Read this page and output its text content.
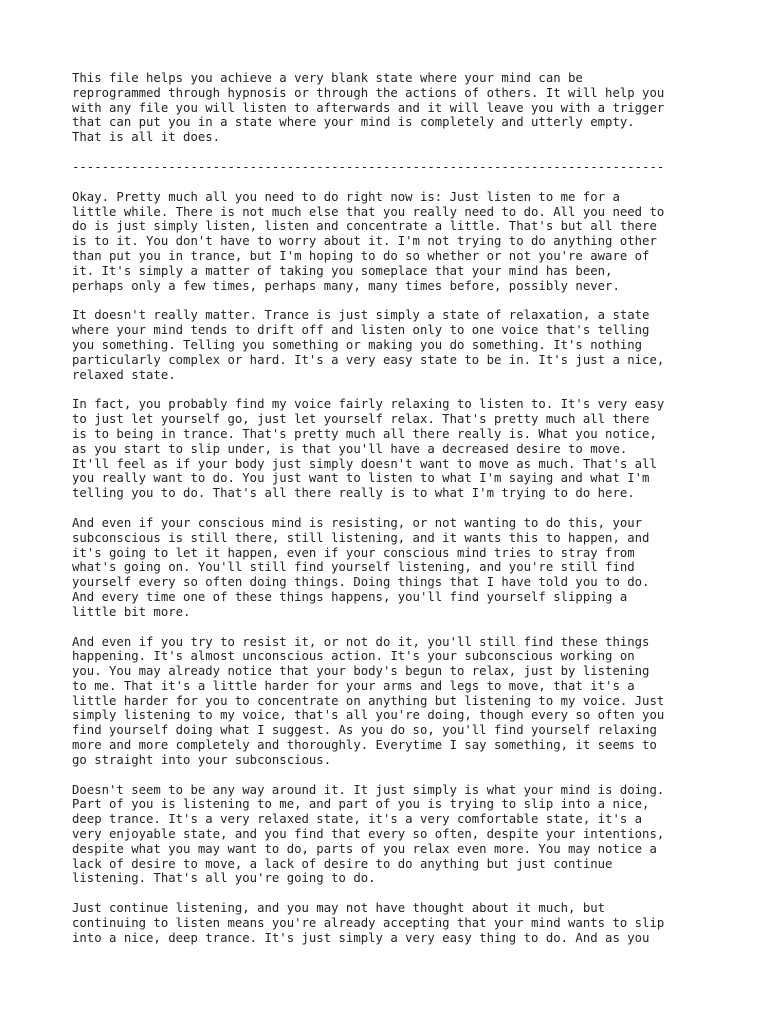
This file helps you achieve a very blank state where your mind can be
reprogrammed through hypnosis or through the actions of others. It will help you
with any file you will listen to afterwards and it will leave you with a trigger
that can put you in a state where your mind is completely and utterly empty.
That is all it does.

--------------------------------------------------------------------------------

Okay. Pretty much all you need to do right now is: Just listen to me for a
little while. There is not much else that you really need to do. All you need to
do is just simply listen, listen and concentrate a little. That's but all there
is to it. You don't have to worry about it. I'm not trying to do anything other
than put you in trance, but I'm hoping to do so whether or not you're aware of
it. It's simply a matter of taking you someplace that your mind has been,
perhaps only a few times, perhaps many, many times before, possibly never.

It doesn't really matter. Trance is just simply a state of relaxation, a state
where your mind tends to drift off and listen only to one voice that's telling
you something. Telling you something or making you do something. It's nothing
particularly complex or hard. It's a very easy state to be in. It's just a nice,
relaxed state.

In fact, you probably find my voice fairly relaxing to listen to. It's very easy
to just let yourself go, just let yourself relax. That's pretty much all there
is to being in trance. That's pretty much all there really is. What you notice,
as you start to slip under, is that you'll have a decreased desire to move.
It'll feel as if your body just simply doesn't want to move as much. That's all
you really want to do. You just want to listen to what I'm saying and what I'm
telling you to do. That's all there really is to what I'm trying to do here.

And even if your conscious mind is resisting, or not wanting to do this, your
subconscious is still there, still listening, and it wants this to happen, and
it's going to let it happen, even if your conscious mind tries to stray from
what's going on. You'll still find yourself listening, and you're still find
yourself every so often doing things. Doing things that I have told you to do.
And every time one of these things happens, you'll find yourself slipping a
little bit more.

And even if you try to resist it, or not do it, you'll still find these things
happening. It's almost unconscious action. It's your subconscious working on
you. You may already notice that your body's begun to relax, just by listening
to me. That it's a little harder for your arms and legs to move, that it's a
little harder for you to concentrate on anything but listening to my voice. Just
simply listening to my voice, that's all you're doing, though every so often you
find yourself doing what I suggest. As you do so, you'll find yourself relaxing
more and more completely and thoroughly. Everytime I say something, it seems to
go straight into your subconscious.

Doesn't seem to be any way around it. It just simply is what your mind is doing.
Part of you is listening to me, and part of you is trying to slip into a nice,
deep trance. It's a very relaxed state, it's a very comfortable state, it's a
very enjoyable state, and you find that every so often, despite your intentions,
despite what you may want to do, parts of you relax even more. You may notice a
lack of desire to move, a lack of desire to do anything but just continue
listening. That's all you're going to do.

Just continue listening, and you may not have thought about it much, but
continuing to listen means you're already accepting that your mind wants to slip
into a nice, deep trance. It's just simply a very easy thing to do. And as you
